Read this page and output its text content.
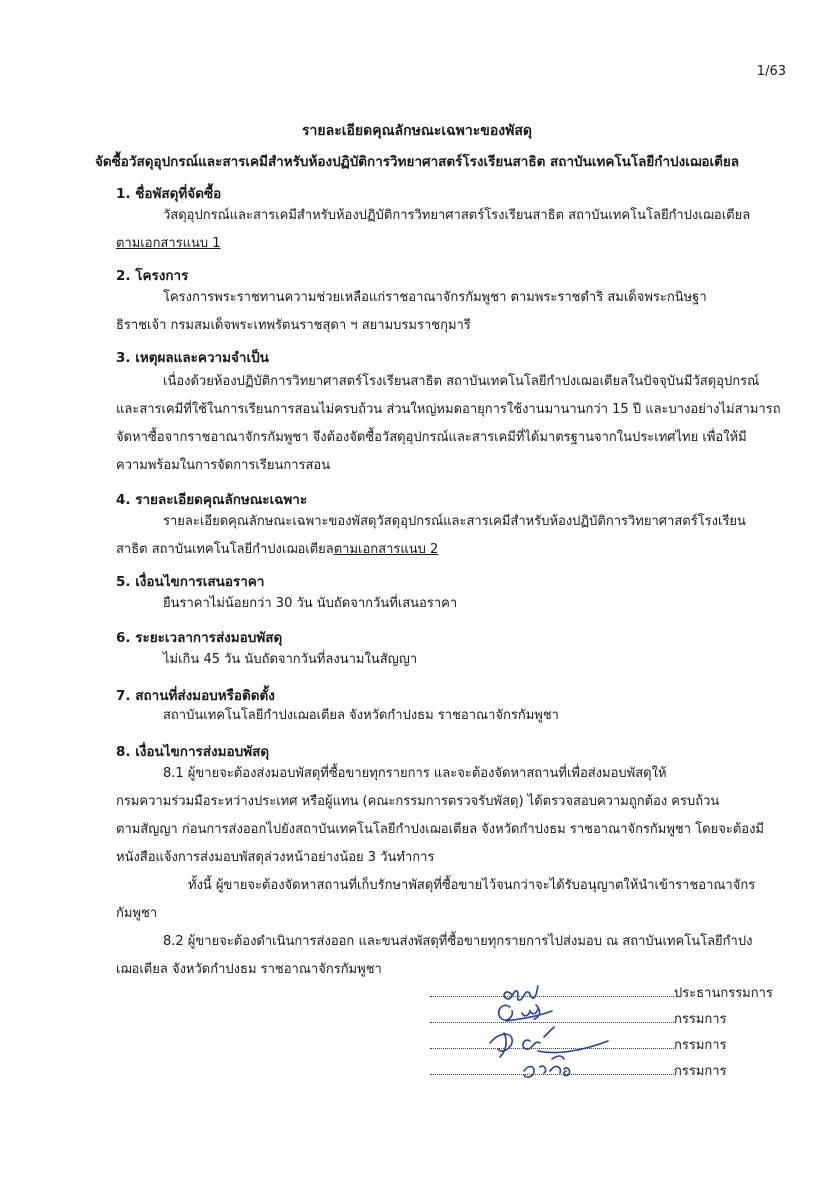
1/63
รายละเอียดคุณลักษณะเฉพาะของพัสดุ
จัดซื้อวัสดุอุปกรณ์และสารเคมีสำหรับห้องปฏิบัติการวิทยาศาสตร์โรงเรียนสาธิต สถาบันเทคโนโลยีกำปงเฌอเตียล
1. ชื่อพัสดุที่จัดซื้อ

วัสดุอุปกรณ์และสารเคมีสำหรับห้องปฏิบัติการวิทยาศาสตร์โรงเรียนสาธิต สถาบันเทคโนโลยีกำปงเฌอเตียล
ตามเอกสารแนบ 1

2. โครงการ

โครงการพระราชทานความช่วยเหลือแก่ราชอาณาจักรกัมพูชา ตามพระราชดำริ สมเด็จพระกนิษฐา
ธิราชเจ้า กรมสมเด็จพระเทพรัตนราชสุดา ฯ สยามบรมราชกุมารี

3. เหตุผลและความจำเป็น

เนื่องด้วยห้องปฏิบัติการวิทยาศาสตร์โรงเรียนสาธิต สถาบันเทคโนโลยีกำปงเฌอเตียลในปัจจุบันมีวัสดุอุปกรณ์
และสารเคมีที่ใช้ในการเรียนการสอนไม่ครบถ้วน ส่วนใหญ่หมดอายุการใช้งานมานานกว่า 15 ปี และบางอย่างไม่สามารถ
จัดหาซื้อจากราชอาณาจักรกัมพูชา จึงต้องจัดซื้อวัสดุอุปกรณ์และสารเคมีที่ได้มาตรฐานจากในประเทศไทย เพื่อให้มี
ความพร้อมในการจัดการเรียนการสอน

4. รายละเอียดคุณลักษณะเฉพาะ

รายละเอียดคุณลักษณะเฉพาะของพัสดุวัสดุอุปกรณ์และสารเคมีสำหรับห้องปฏิบัติการวิทยาศาสตร์โรงเรียน
สาธิต สถาบันเทคโนโลยีกำปงเฌอเตียลตามเอกสารแนบ 2

5. เงื่อนไขการเสนอราคา

ยืนราคาไม่น้อยกว่า 30 วัน นับถัดจากวันที่เสนอราคา

6. ระยะเวลาการส่งมอบพัสดุ

ไม่เกิน 45 วัน นับถัดจากวันที่ลงนามในสัญญา

7. สถานที่ส่งมอบหรือติดตั้ง

สถาบันเทคโนโลยีกำปงเฌอเตียล จังหวัดกำปงธม ราชอาณาจักรกัมพูชา

8. เงื่อนไขการส่งมอบพัสดุ

8.1 ผู้ขายจะต้องส่งมอบพัสดุที่ซื้อขายทุกรายการ และจะต้องจัดหาสถานที่เพื่อส่งมอบพัสดุให้
กรมความร่วมมือระหว่างประเทศ หรือผู้แทน (คณะกรรมการตรวจรับพัสดุ) ได้ตรวจสอบความถูกต้อง ครบถ้วน
ตามสัญญา ก่อนการส่งออกไปยังสถาบันเทคโนโลยีกำปงเฌอเตียล จังหวัดกำปงธม ราชอาณาจักรกัมพูชา โดยจะต้องมี
หนังสือแจ้งการส่งมอบพัสดุล่วงหน้าอย่างน้อย 3 วันทำการ
ทั้งนี้ ผู้ขายจะต้องจัดหาสถานที่เก็บรักษาพัสดุที่ซื้อขายไว้จนกว่าจะได้รับอนุญาตให้นำเข้าราชอาณาจักร
กัมพูชา
8.2 ผู้ขายจะต้องดำเนินการส่งออก และขนส่งพัสดุที่ซื้อขายทุกรายการไปส่งมอบ ณ สถาบันเทคโนโลยีกำปง
เฌอเตียล จังหวัดกำปงธม ราชอาณาจักรกัมพูชา

ประธานกรรมการ
กรรมการ
กรรมการ
กรรมการ
